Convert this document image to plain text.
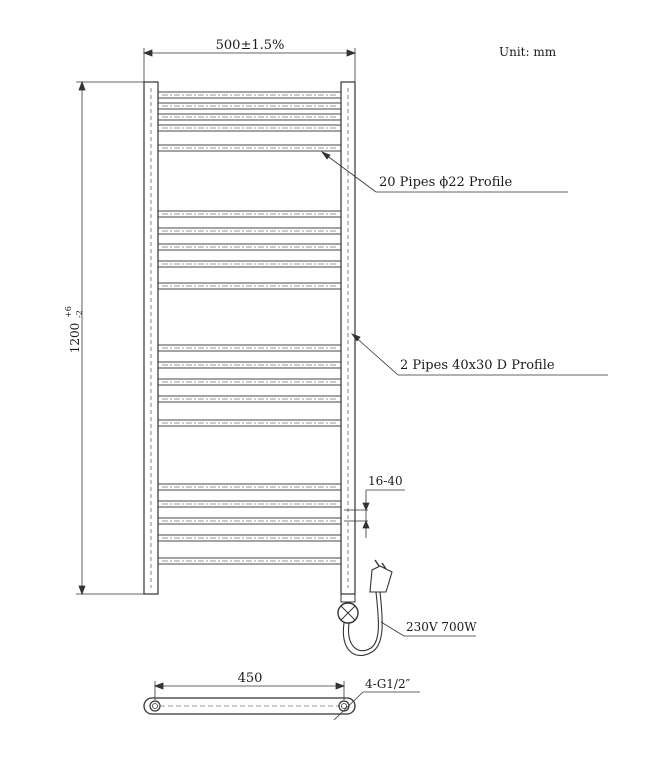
500±1.5%	Unit: mm
1200
+6 -2
20 Pipes ϕ22 Profile
2 Pipes 40x30 D Profile
16-40
230V 700W
450	4-G1/2″
